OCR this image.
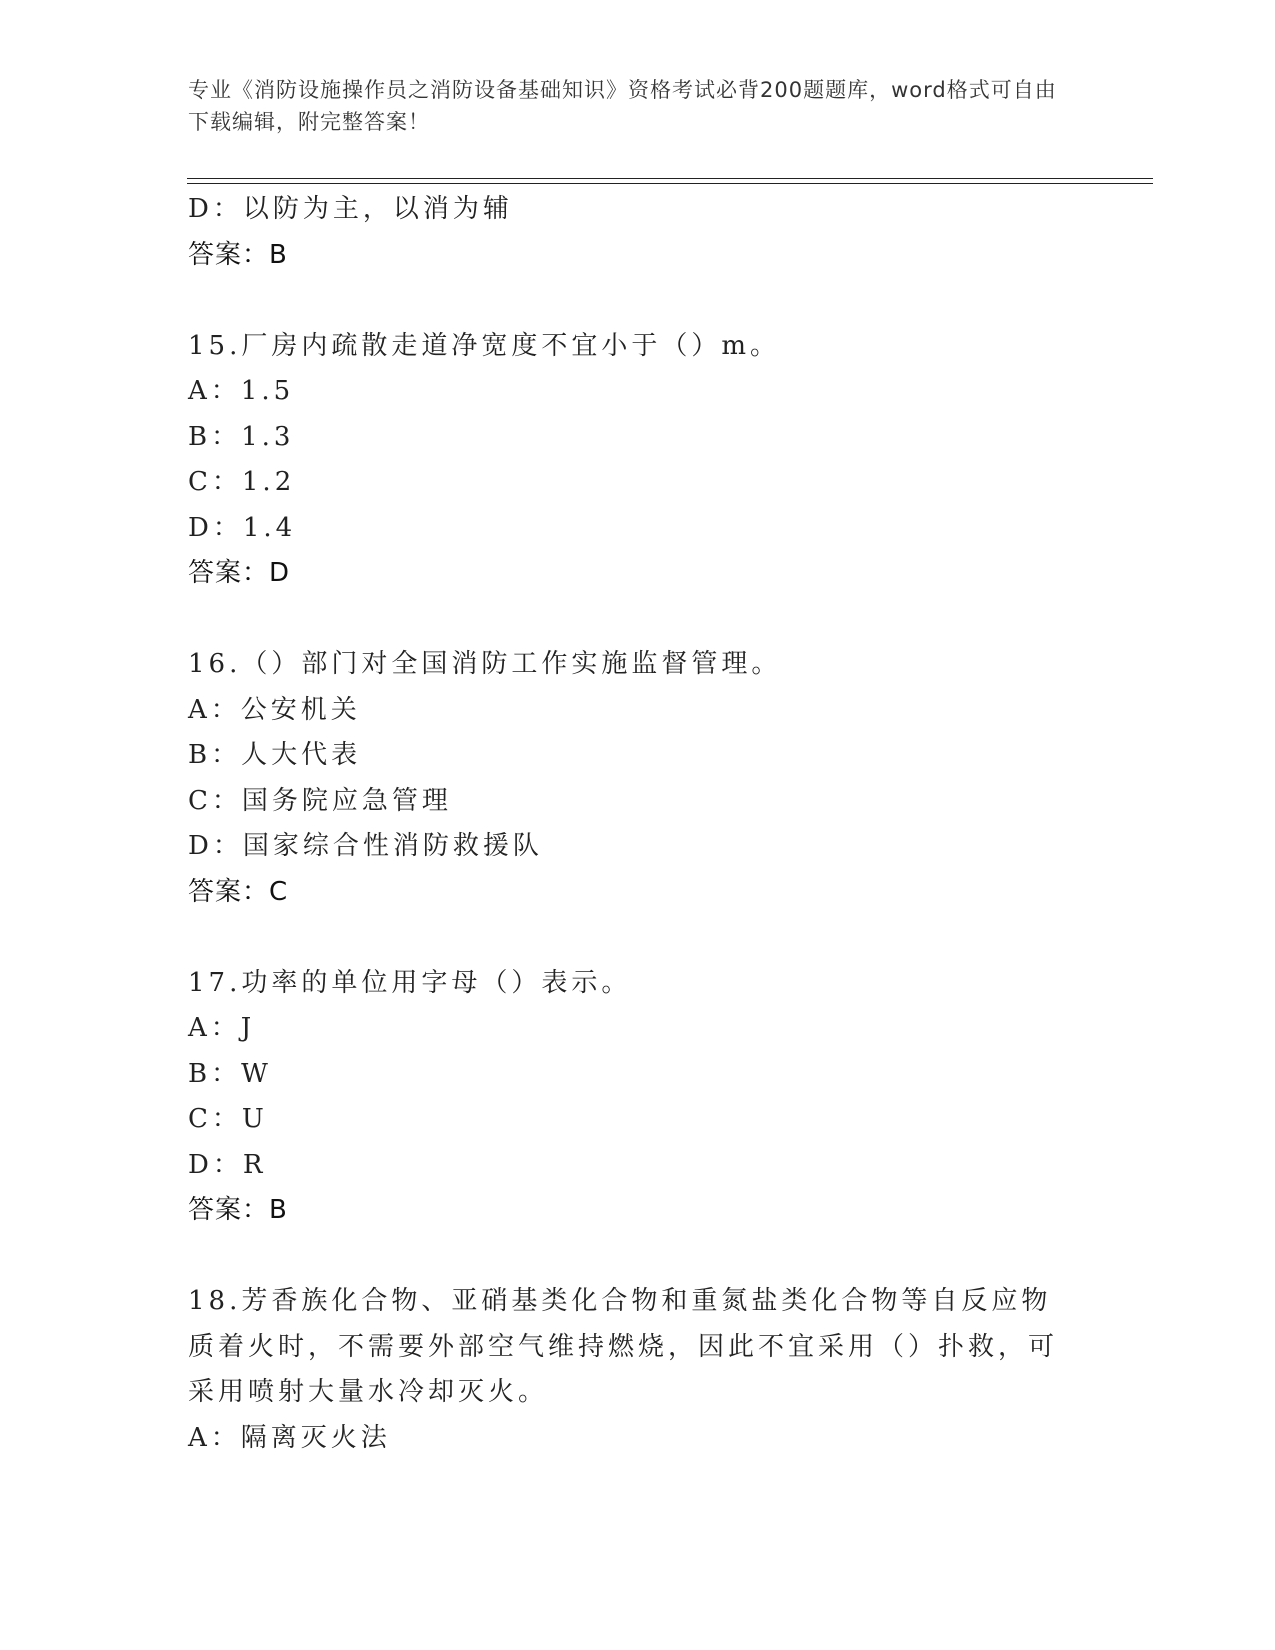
专业《消防设施操作员之消防设备基础知识》资格考试必背200题题库，word格式可自由下载编辑，附完整答案！
D：以防为主，以消为辅
答案：B
15.厂房内疏散走道净宽度不宜小于（）m。
A：1.5
B：1.3
C：1.2
D：1.4
答案：D
16.（）部门对全国消防工作实施监督管理。
A：公安机关
B：人大代表
C：国务院应急管理
D：国家综合性消防救援队
答案：C
17.功率的单位用字母（）表示。
A：J
B：W
C：U
D：R
答案：B
18.芳香族化合物、亚硝基类化合物和重氮盐类化合物等自反应物质着火时，不需要外部空气维持燃烧，因此不宜采用（）扑救，可采用喷射大量水冷却灭火。
A：隔离灭火法
